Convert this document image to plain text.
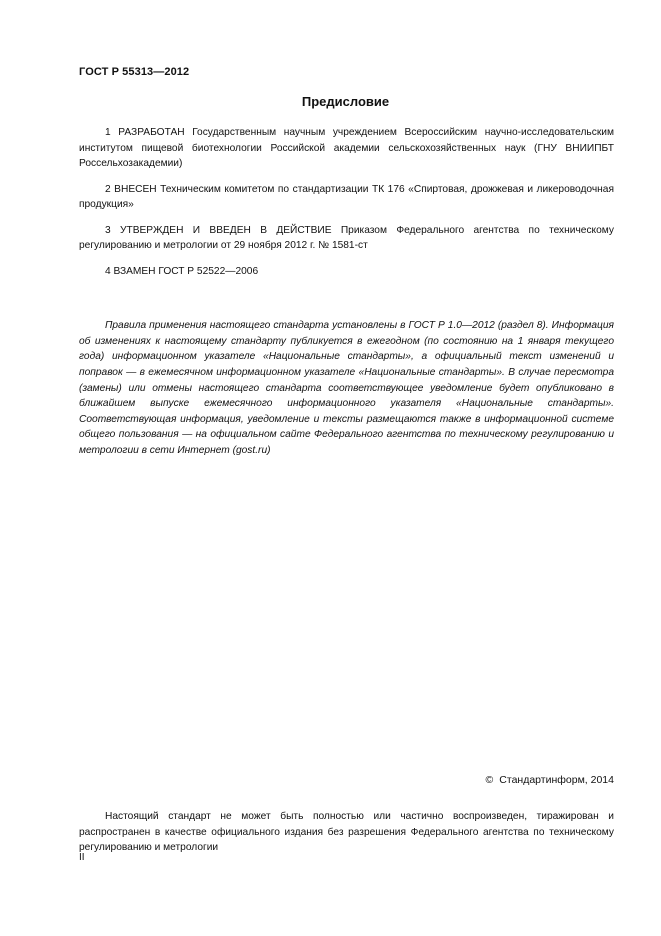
ГОСТ Р 55313—2012
Предисловие

1 РАЗРАБОТАН Государственным научным учреждением Всероссийским научно-исследовательским институтом пищевой биотехнологии Российской академии сельскохозяйственных наук (ГНУ ВНИИПБТ Россельхозакадемии)

2 ВНЕСЕН Техническим комитетом по стандартизации ТК 176 «Спиртовая, дрожжевая и ликероводочная продукция»

3 УТВЕРЖДЕН И ВВЕДЕН В ДЕЙСТВИЕ Приказом Федерального агентства по техническому регулированию и метрологии от 29 ноября 2012 г. № 1581-ст

4 ВЗАМЕН ГОСТ Р 52522—2006

Правила применения настоящего стандарта установлены в ГОСТ Р 1.0—2012 (раздел 8). Информация об изменениях к настоящему стандарту публикуется в ежегодном (по состоянию на 1 января текущего года) информационном указателе «Национальные стандарты», а официальный текст изменений и поправок — в ежемесячном информационном указателе «Национальные стандарты». В случае пересмотра (замены) или отмены настоящего стандарта соответствующее уведомление будет опубликовано в ближайшем выпуске ежемесячного информационного указателя «Национальные стандарты». Соответствующая информация, уведомление и тексты размещаются также в информационной системе общего пользования — на официальном сайте Федерального агентства по техническому регулированию и метрологии в сети Интернет (gost.ru)

© Стандартинформ, 2014

Настоящий стандарт не может быть полностью или частично воспроизведен, тиражирован и распространен в качестве официального издания без разрешения Федерального агентства по техническому регулированию и метрологии

II
